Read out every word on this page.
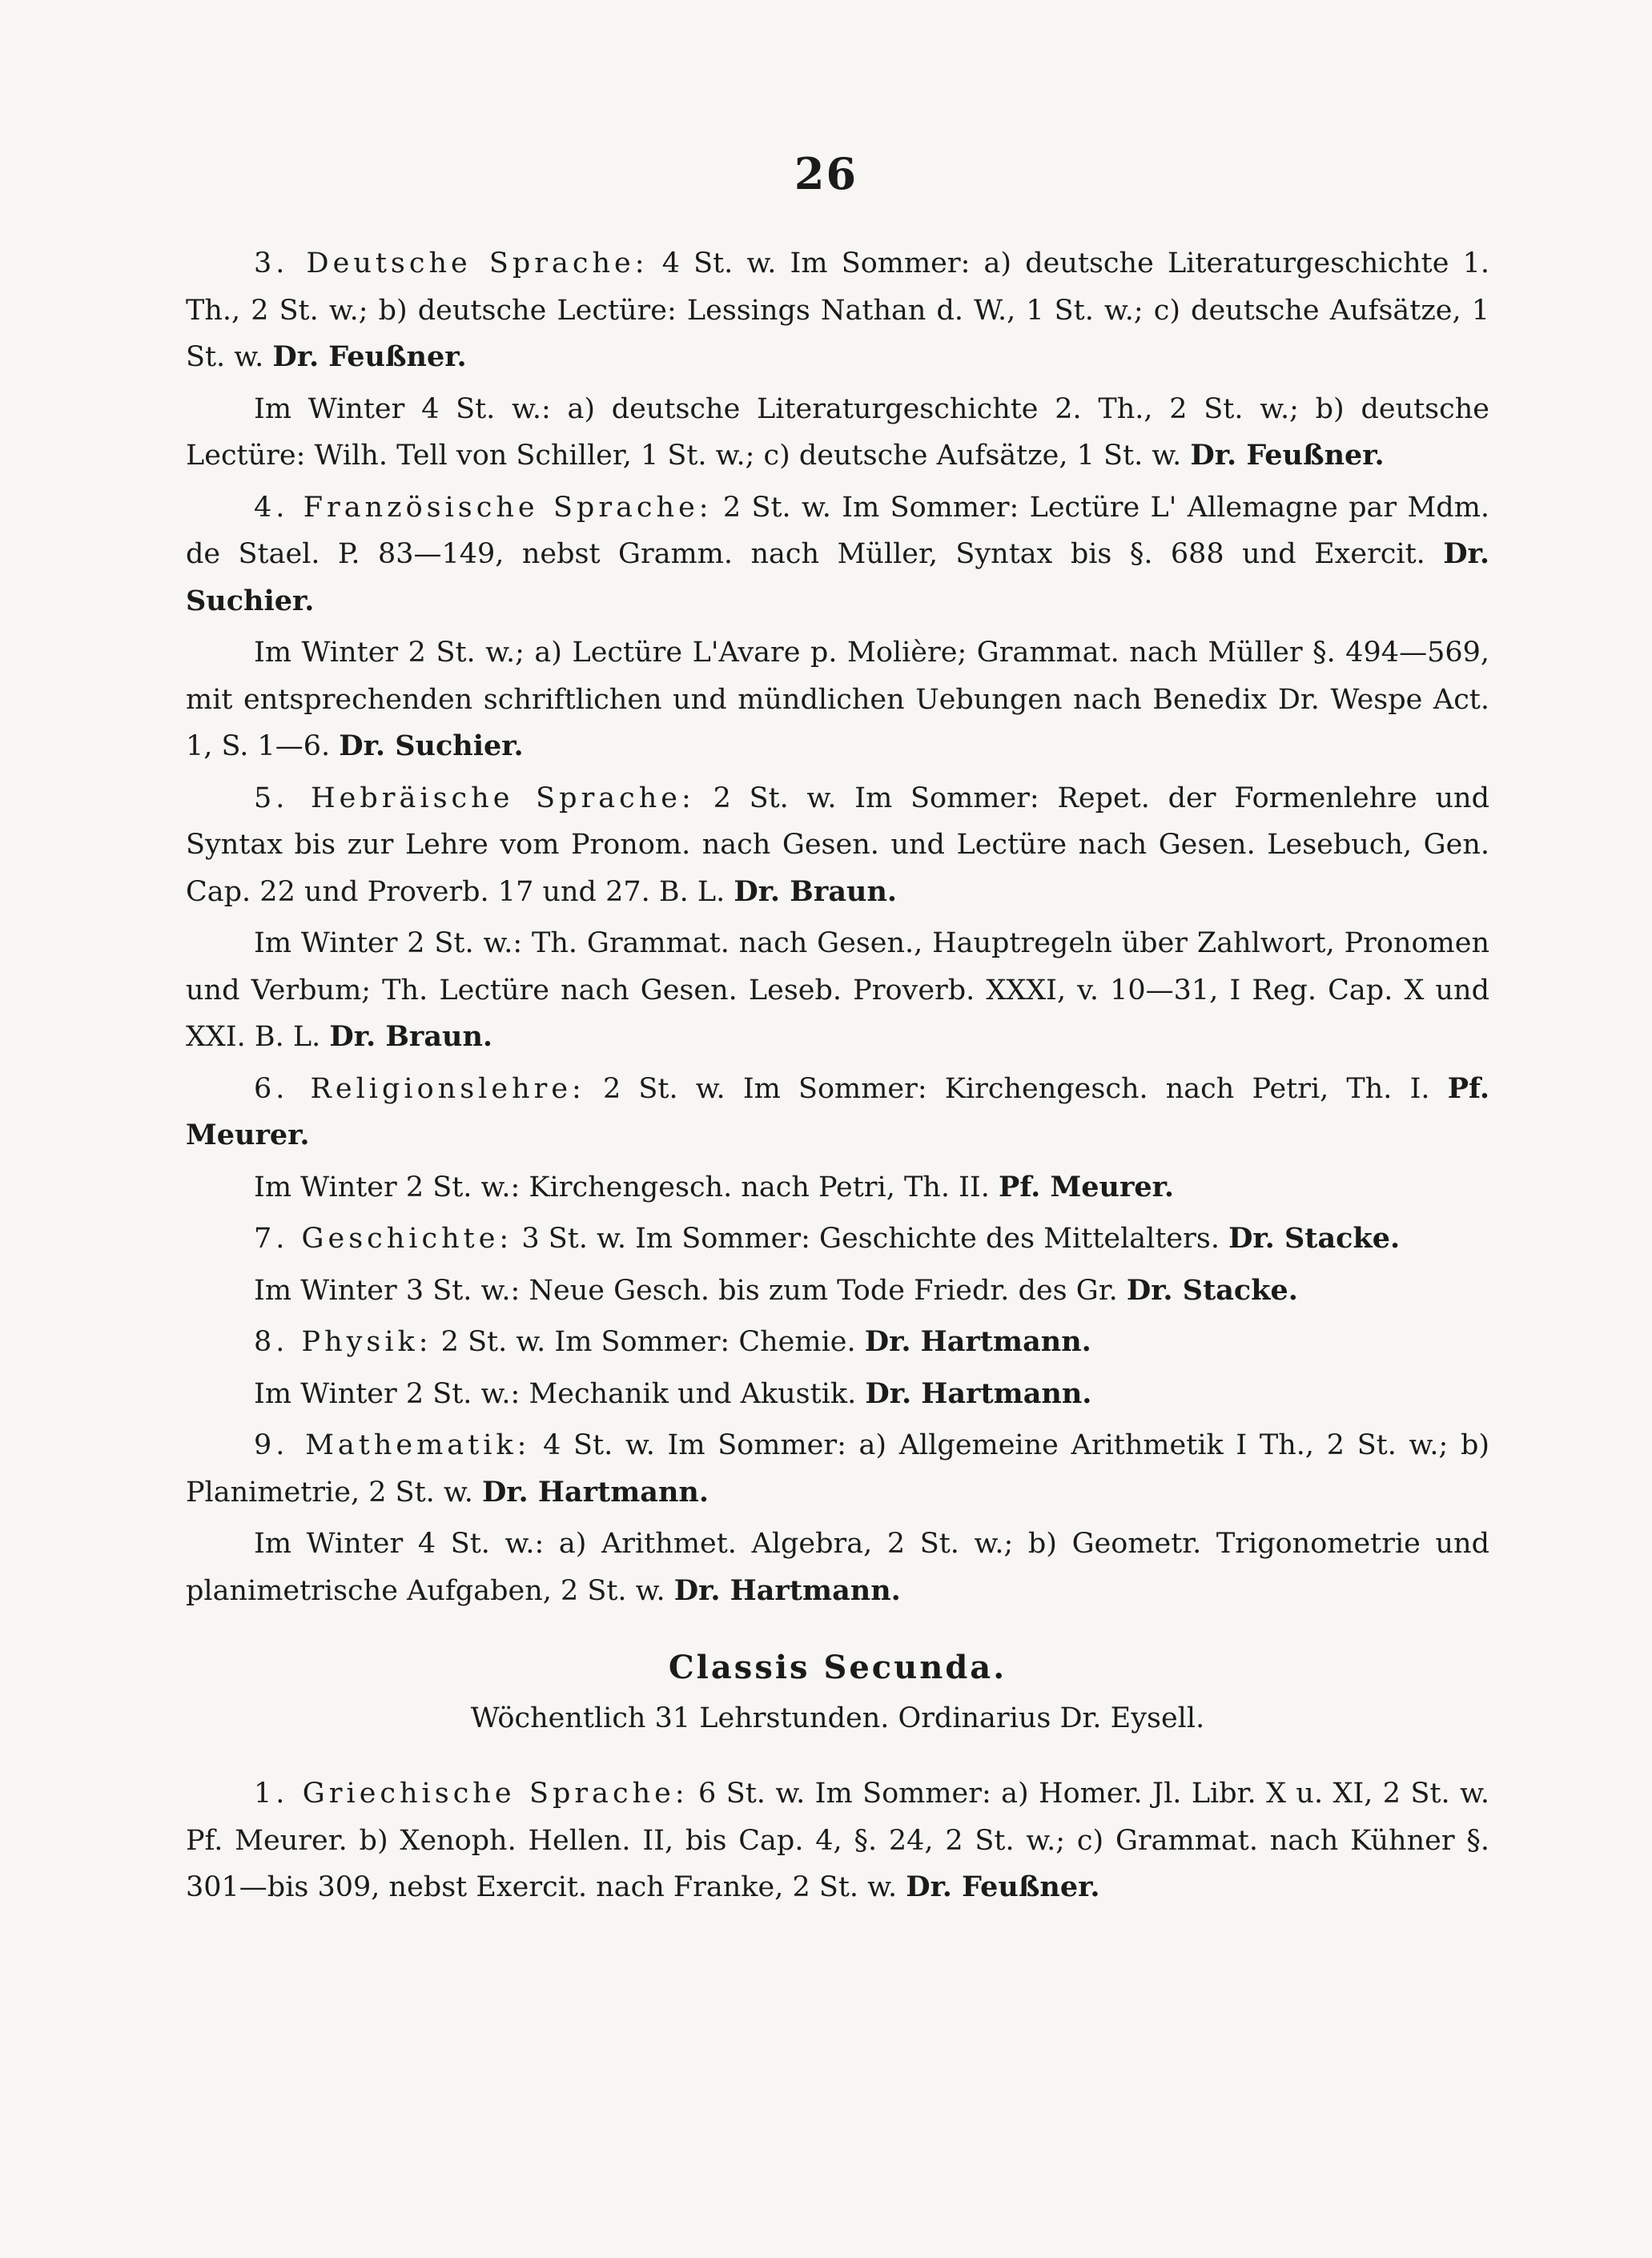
26

3. Deutsche Sprache: 4 St. w. Im Sommer: a) deutsche Literaturgeschichte 1. Th., 2 St. w.; b) deutsche Lectüre: Lessings Nathan d. W., 1 St. w.; c) deutsche Aufsätze, 1 St. w. Dr. Feußner.

Im Winter 4 St. w.: a) deutsche Literaturgeschichte 2. Th., 2 St. w.; b) deutsche Lectüre: Wilh. Tell von Schiller, 1 St. w.; c) deutsche Aufsätze, 1 St. w. Dr. Feußner.

4. Französische Sprache: 2 St. w. Im Sommer: Lectüre L' Allemagne par Mdm. de Stael. P. 83—149, nebst Gramm. nach Müller, Syntax bis §. 688 und Exercit. Dr. Suchier.

Im Winter 2 St. w.; a) Lectüre L'Avare p. Molière; Grammat. nach Müller §. 494—569, mit entsprechenden schriftlichen und mündlichen Uebungen nach Benedix Dr. Wespe Act. 1, S. 1—6. Dr. Suchier.

5. Hebräische Sprache: 2 St. w. Im Sommer: Repet. der Formenlehre und Syntax bis zur Lehre vom Pronom. nach Gesen. und Lectüre nach Gesen. Lesebuch, Gen. Cap. 22 und Proverb. 17 und 27. B. L. Dr. Braun.

Im Winter 2 St. w.: Th. Grammat. nach Gesen., Hauptregeln über Zahlwort, Pronomen und Verbum; Th. Lectüre nach Gesen. Leseb. Proverb. XXXI, v. 10—31, I Reg. Cap. X und XXI. B. L. Dr. Braun.

6. Religionslehre: 2 St. w. Im Sommer: Kirchengesch. nach Petri, Th. I. Pf. Meurer.

Im Winter 2 St. w.: Kirchengesch. nach Petri, Th. II. Pf. Meurer.

7. Geschichte: 3 St. w. Im Sommer: Geschichte des Mittelalters. Dr. Stacke.

Im Winter 3 St. w.: Neue Gesch. bis zum Tode Friedr. des Gr. Dr. Stacke.

8. Physik: 2 St. w. Im Sommer: Chemie. Dr. Hartmann.

Im Winter 2 St. w.: Mechanik und Akustik. Dr. Hartmann.

9. Mathematik: 4 St. w. Im Sommer: a) Allgemeine Arithmetik I Th., 2 St. w.; b) Planimetrie, 2 St. w. Dr. Hartmann.

Im Winter 4 St. w.: a) Arithmet. Algebra, 2 St. w.; b) Geometr. Trigonometrie und planimetrische Aufgaben, 2 St. w. Dr. Hartmann.

Classis Secunda.
Wöchentlich 31 Lehrstunden. Ordinarius Dr. Eysell.

1. Griechische Sprache: 6 St. w. Im Sommer: a) Homer. Jl. Libr. X u. XI, 2 St. w. Pf. Meurer. b) Xenoph. Hellen. II, bis Cap. 4, §. 24, 2 St. w.; c) Grammat. nach Kühner §. 301—bis 309, nebst Exercit. nach Franke, 2 St. w. Dr. Feußner.
